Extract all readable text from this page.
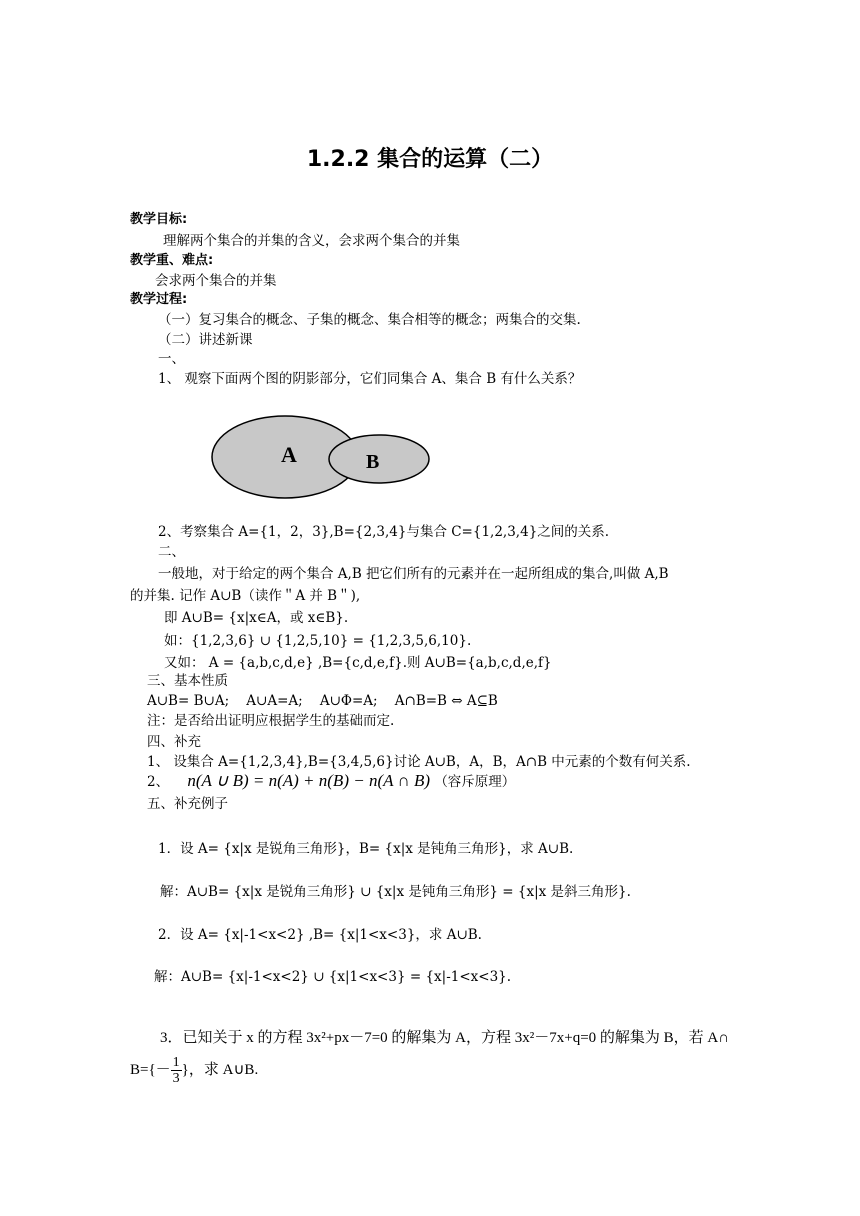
1.2.2 集合的运算（二）
教学目标:
理解两个集合的并集的含义，会求两个集合的并集
教学重、难点:
会求两个集合的并集
教学过程:
（一）复习集合的概念、子集的概念、集合相等的概念；两集合的交集.
（二）讲述新课
一、
1、 观察下面两个图的阴影部分，它们同集合 A、集合 B 有什么关系？
A	B
2、考察集合 A={1，2，3},B={2,3,4}与集合 C={1,2,3,4}之间的关系.
二、
一般地，对于给定的两个集合 A,B 把它们所有的元素并在一起所组成的集合,叫做 A,B
的并集. 记作 A∪B（读作＂A 并 B＂),
即 A∪B= {x|x∈A，或 x∈B}.
如：{1,2,3,6} ∪ {1,2,5,10} = {1,2,3,5,6,10}.
又如： A = {a,b,c,d,e} ,B={c,d,e,f}.则 A∪B={a,b,c,d,e,f}
三、基本性质
A∪B= B∪A;    A∪A=A;    A∪Φ=A;    A∩B=B ⇔ A⊆B
注：是否给出证明应根据学生的基础而定.
四、补充
1、 设集合 A={1,2,3,4},B={3,4,5,6}讨论 A∪B，A，B，A∩B 中元素的个数有何关系.
2、 n(A ∪ B) = n(A) + n(B) − n(A ∩ B) （容斥原理）
五、补充例子
1．设 A= {x|x 是锐角三角形}，B= {x|x 是钝角三角形}，求 A∪B.
解：A∪B= {x|x 是锐角三角形} ∪ {x|x 是钝角三角形} = {x|x 是斜三角形}.
2．设 A= {x|-1<x<2} ,B= {x|1<x<3}，求 A∪B.
解：A∪B= {x|-1<x<2} ∪ {x|1<x<3} = {x|-1<x<3}.
3．已知关于 x 的方程 3x²+px－7=0 的解集为 A，方程 3x²－7x+q=0 的解集为 B，若 A∩
$B=\{- \frac{1}{3}$ }，求 A∪B.
